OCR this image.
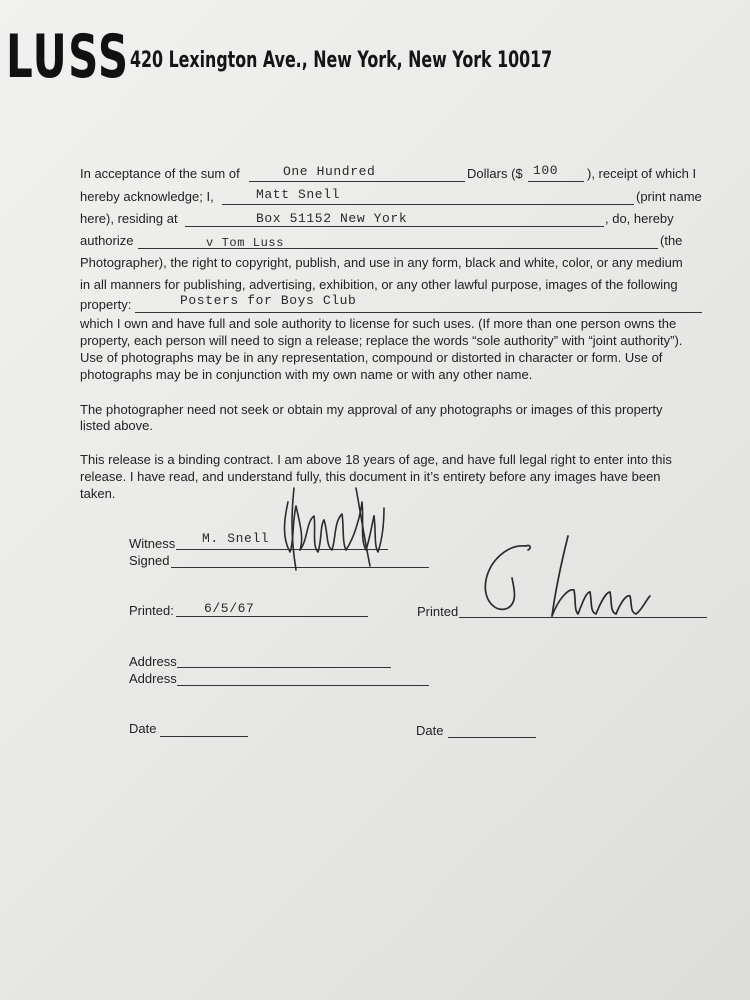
LUSS 420 Lexington Ave., New York, New York 10017
In acceptance of the sum of	One Hundred	Dollars ($ 100 ), receipt of which I
hereby acknowledge; I,	Matt Snell	(print name
here), residing at	Box 51152 New York	, do, hereby
authorize	v Tom Luss	(the
Photographer), the right to copyright, publish, and use in any form, black and white, color, or any medium
in all manners for publishing, advertising, exhibition, or any other lawful purpose, images of the following
property:	Posters for Boys Club
which I own and have full and sole authority to license for such uses. (If more than one person owns the
property, each person will need to sign a release; replace the words “sole authority” with “joint authority”).
Use of photographs may be in any representation, compound or distorted in character or form. Use of
photographs may be in conjunction with my own name or with any other name.
The photographer need not seek or obtain my approval of any photographs or images of this property
listed above.
This release is a binding contract. I am above 18 years of age, and have full legal right to enter into this
release. I have read, and understand fully, this document in it’s entirety before any images have been
taken.
Witness M. Snell
Signed
Printed: 6/5/67	Printed
Address
Address
Date	Date
